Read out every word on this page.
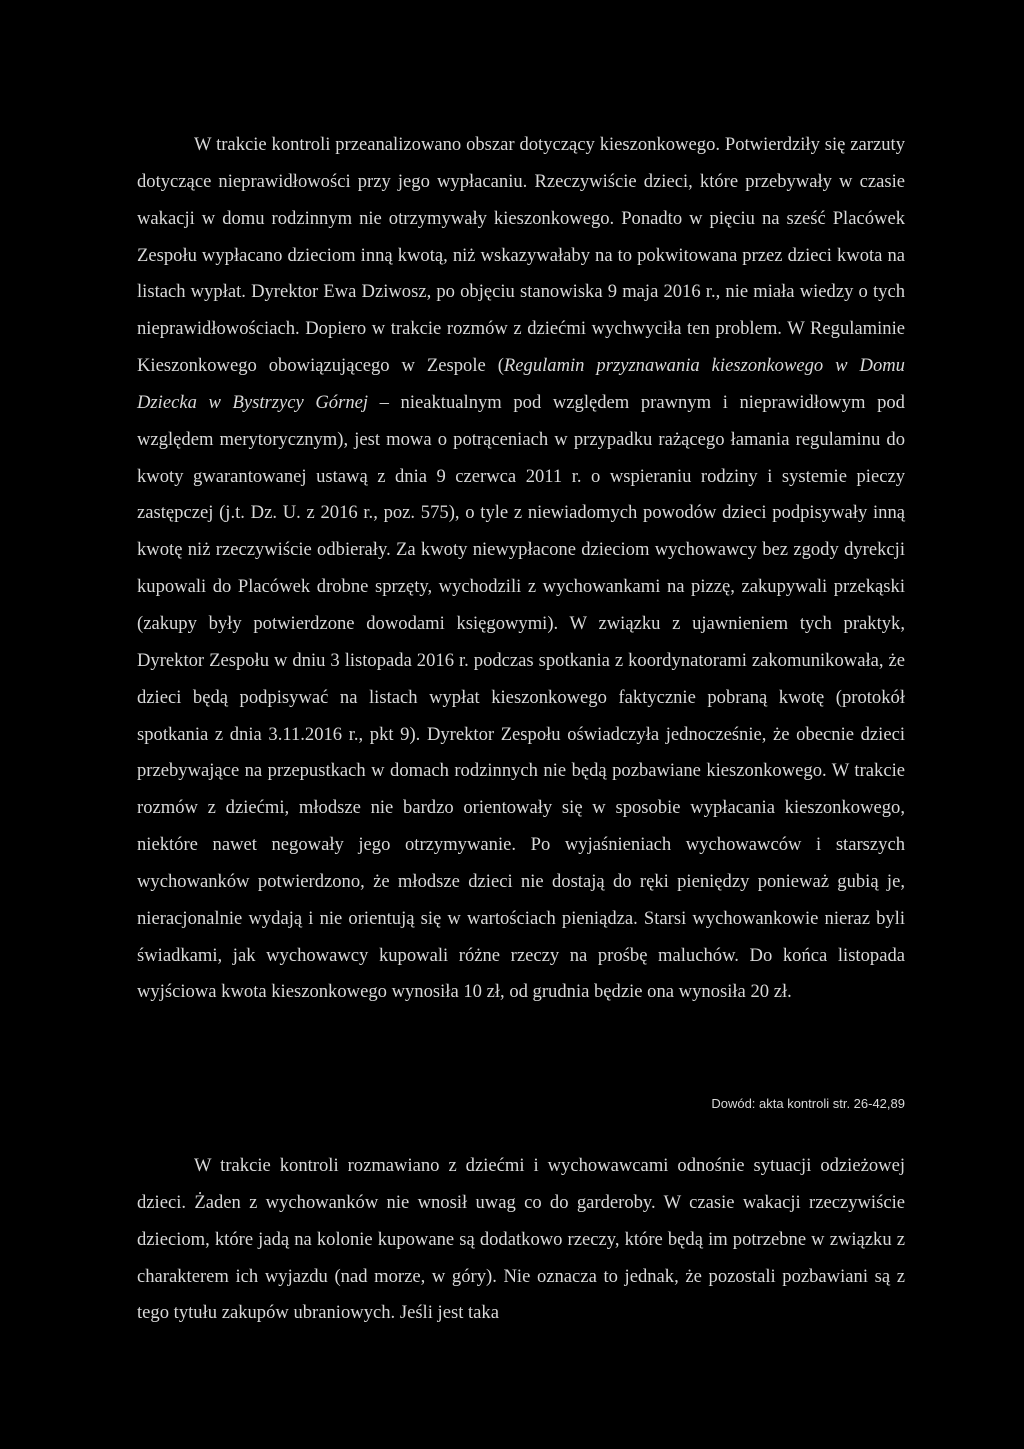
W trakcie kontroli przeanalizowano obszar dotyczący kieszonkowego. Potwierdziły się zarzuty dotyczące nieprawidłowości przy jego wypłacaniu. Rzeczywiście dzieci, które przebywały w czasie wakacji w domu rodzinnym nie otrzymywały kieszonkowego. Ponadto w pięciu na sześć Placówek Zespołu wypłacano dzieciom inną kwotą, niż wskazywałaby na to pokwitowana przez dzieci kwota na listach wypłat. Dyrektor Ewa Dziwosz, po objęciu stanowiska 9 maja 2016 r., nie miała wiedzy o tych nieprawidłowościach. Dopiero w trakcie rozmów z dziećmi wychwyciła ten problem. W Regulaminie Kieszonkowego obowiązującego w Zespole (Regulamin przyznawania kieszonkowego w Domu Dziecka w Bystrzycy Górnej – nieaktualnym pod względem prawnym i nieprawidłowym pod względem merytorycznym), jest mowa o potrąceniach w przypadku rażącego łamania regulaminu do kwoty gwarantowanej ustawą z dnia 9 czerwca 2011 r. o wspieraniu rodziny i systemie pieczy zastępczej (j.t. Dz. U. z 2016 r., poz. 575), o tyle z niewiadomych powodów dzieci podpisywały inną kwotę niż rzeczywiście odbierały. Za kwoty niewypłacone dzieciom wychowawcy bez zgody dyrekcji kupowali do Placówek drobne sprzęty, wychodzili z wychowankami na pizzę, zakupywali przekąski (zakupy były potwierdzone dowodami księgowymi). W związku z ujawnieniem tych praktyk, Dyrektor Zespołu w dniu 3 listopada 2016 r. podczas spotkania z koordynatorami zakomunikowała, że dzieci będą podpisywać na listach wypłat kieszonkowego faktycznie pobraną kwotę (protokół spotkania z dnia 3.11.2016 r., pkt 9). Dyrektor Zespołu oświadczyła jednocześnie, że obecnie dzieci przebywające na przepustkach w domach rodzinnych nie będą pozbawiane kieszonkowego. W trakcie rozmów z dziećmi, młodsze nie bardzo orientowały się w sposobie wypłacania kieszonkowego, niektóre nawet negowały jego otrzymywanie. Po wyjaśnieniach wychowawców i starszych wychowanków potwierdzono, że młodsze dzieci nie dostają do ręki pieniędzy ponieważ gubią je, nieracjonalnie wydają i nie orientują się w wartościach pieniądza. Starsi wychowankowie nieraz byli świadkami, jak wychowawcy kupowali różne rzeczy na prośbę maluchów. Do końca listopada wyjściowa kwota kieszonkowego wynosiła 10 zł, od grudnia będzie ona wynosiła 20 zł.

Dowód: akta kontroli str. 26-42,89

W trakcie kontroli rozmawiano z dziećmi i wychowawcami odnośnie sytuacji odzieżowej dzieci. Żaden z wychowanków nie wnosił uwag co do garderoby. W czasie wakacji rzeczywiście dzieciom, które jadą na kolonie kupowane są dodatkowo rzeczy, które będą im potrzebne w związku z charakterem ich wyjazdu (nad morze, w góry). Nie oznacza to jednak, że pozostali pozbawiani są z tego tytułu zakupów ubraniowych. Jeśli jest taka
